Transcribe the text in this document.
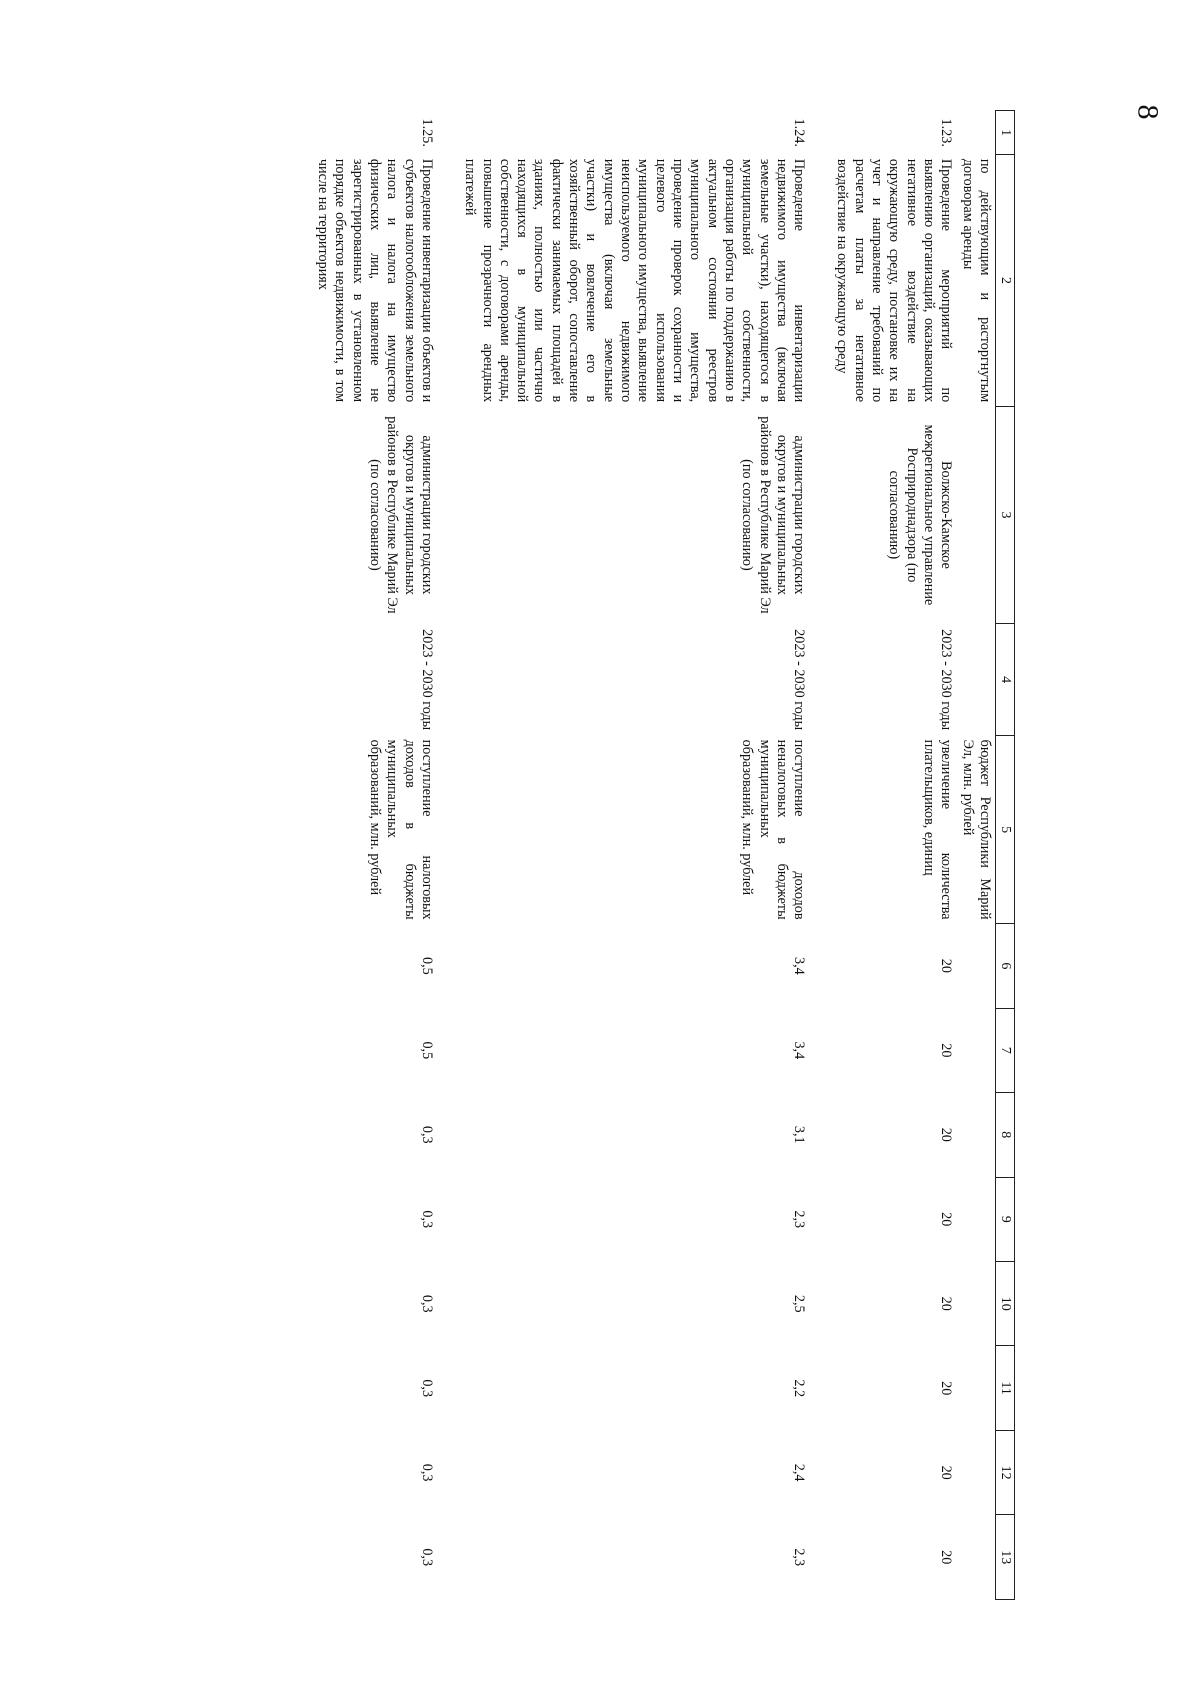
8
1	2	3	4	5	6	7	8	9	10	11	12	13
	по действующим и расторгнутым договорам аренды			бюджет Республики Марий Эл, млн. рублей								
1.23.	Проведение мероприятий по выявлению организаций, оказывающих негативное воздействие на окружающую среду, постановке их на учет и направление требований по расчетам платы за негативное воздействие на окружающую среду	Волжско-Камское межрегиональное управление Росприроднадзора (по согласованию)	2023 - 2030 годы	увеличение количества плательщиков, единиц	20	20	20	20	20	20	20	20

1.24.	Проведение инвентаризации недвижимого имущества (включая земельные участки), находящегося в муниципальной собственности, организация работы по поддержанию в актуальном состоянии реестров муниципального имущества, проведение проверок сохранности и целевого использования муниципального имущества, выявление неиспользуемого недвижимого имущества (включая земельные участки) и вовлечение его в хозяйственный оборот, сопоставление фактически занимаемых площадей в зданиях, полностью или частично находящихся в муниципальной собственности, с договорами аренды, повышение прозрачности арендных платежей	администрации городских округов и муниципальных районов в Республике Марий Эл (по согласованию)	2023 - 2030 годы	поступление доходов неналоговых в бюджеты муниципальных образований, млн. рублей	3,4	3,4	3,1	2,3	2,5	2,2	2,4	2,3

1.25.	Проведение инвентаризации объектов и субъектов налогообложения земельного налога и налога на имущество физических лиц, выявление не зарегистрированных в установленном порядке объектов недвижимости, в том числе на территориях	администрации городских округов и муниципальных районов в Республике Марий Эл (по согласованию)	2023 - 2030 годы	поступление налоговых доходов в бюджеты муниципальных образований, млн. рублей	0,5	0,5	0,3	0,3	0,3	0,3	0,3	0,3
